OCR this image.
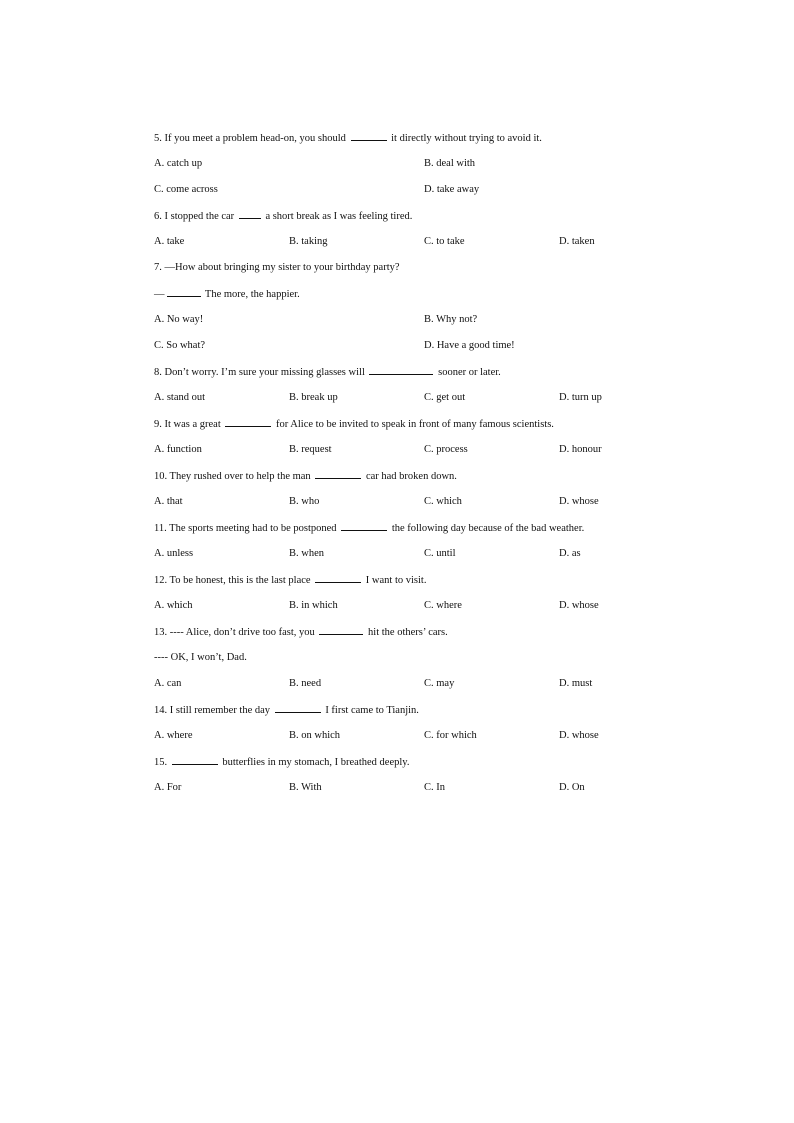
5. If you meet a problem head-on, you should	it directly without trying to avoid it.
A. catch up	B. deal with
C. come across	D. take away
6. I stopped the car  a short break as I was feeling tired.
A. take	B. taking	C. to take	D. taken
7. —How about bringing my sister to your birthday party?
—	The more, the happier.
A. No way!	B. Why not?
C. So what?	D. Have a good time!
8. Don’t worry. I’m sure your missing glasses will	sooner or later.
A. stand out	B. break up	C. get out	D. turn up
9. It was a great	for Alice to be invited to speak in front of many famous scientists.
A. function	B. request	C. process	D. honour
10. They rushed over to help the man	car had broken down.
A. that	B. who	C. which	D. whose
11. The sports meeting had to be postponed	the following day because of the bad weather.
A. unless	B. when	C. until	D. as
12. To be honest, this is the last place	I want to visit.
A. which	B. in which	C. where	D. whose
13. ---- Alice, don’t drive too fast, you	hit the others’ cars.
---- OK, I won’t, Dad.
A. can	B. need	C. may	D. must
14. I still remember the day	I first came to Tianjin.
A. where	B. on which	C. for which	D. whose
15.	butterflies in my stomach, I breathed deeply.
A. For	B. With	C. In	D. On
